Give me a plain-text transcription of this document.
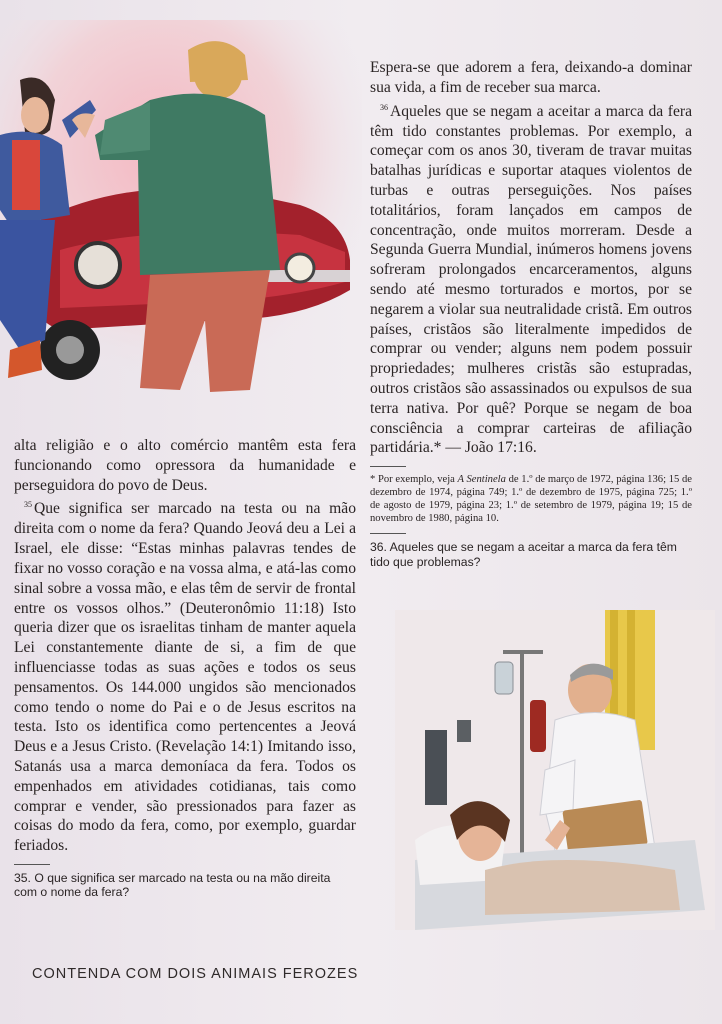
Espera-se que adorem a fera, deixando-a dominar sua vida, a fim de receber sua marca.

$^{36}$ Aqueles que se negam a aceitar a marca da fera têm tido constantes problemas. Por exemplo, a começar com os anos 30, tiveram de travar muitas batalhas jurídicas e suportar ataques violentos de turbas e outras perseguições. Nos países totalitários, foram lançados em campos de concentração, onde muitos morreram. Desde a Segunda Guerra Mundial, inúmeros homens jovens sofreram prolongados encarceramentos, alguns sendo até mesmo torturados e mortos, por se negarem a violar sua neutralidade cristã. Em outros países, cristãos são literalmente impedidos de comprar ou vender; alguns nem podem possuir propriedades; mulheres cristãs são estupradas, outros cristãos são assassinados ou expulsos de sua terra nativa. Por quê? Porque se negam de boa consciência a comprar carteiras de afiliação partidária.* — João 17:16.

* Por exemplo, veja A Sentinela de 1.º de março de 1972, página 136; 15 de dezembro de 1974, página 749; 1.º de dezembro de 1975, página 725; 1.º de agosto de 1979, página 23; 1.º de setembro de 1979, página 19; 15 de novembro de 1980, página 10.

36. Aqueles que se negam a aceitar a marca da fera têm tido que problemas?

alta religião e o alto comércio mantêm esta fera funcionando como opressora da humanidade e perseguidora do povo de Deus.

$^{35}$ Que significa ser marcado na testa ou na mão direita com o nome da fera? Quando Jeová deu a Lei a Israel, ele disse: “Estas minhas palavras tendes de fixar no vosso coração e na vossa alma, e atá-las como sinal sobre a vossa mão, e elas têm de servir de frontal entre os vossos olhos.” (Deuteronômio 11:18) Isto queria dizer que os israelitas tinham de manter aquela Lei constantemente diante de si, a fim de que influenciasse todas as suas ações e todos os seus pensamentos. Os 144.000 ungidos são mencionados como tendo o nome do Pai e o de Jesus escritos na testa. Isto os identifica como pertencentes a Jeová Deus e a Jesus Cristo. (Revelação 14:1) Imitando isso, Satanás usa a marca demoníaca da fera. Todos os empenhados em atividades cotidianas, tais como comprar e vender, são pressionados para fazer as coisas do modo da fera, como, por exemplo, guardar feriados.

35. O que significa ser marcado na testa ou na mão direita com o nome da fera?

CONTENDA COM DOIS ANIMAIS FEROZES
